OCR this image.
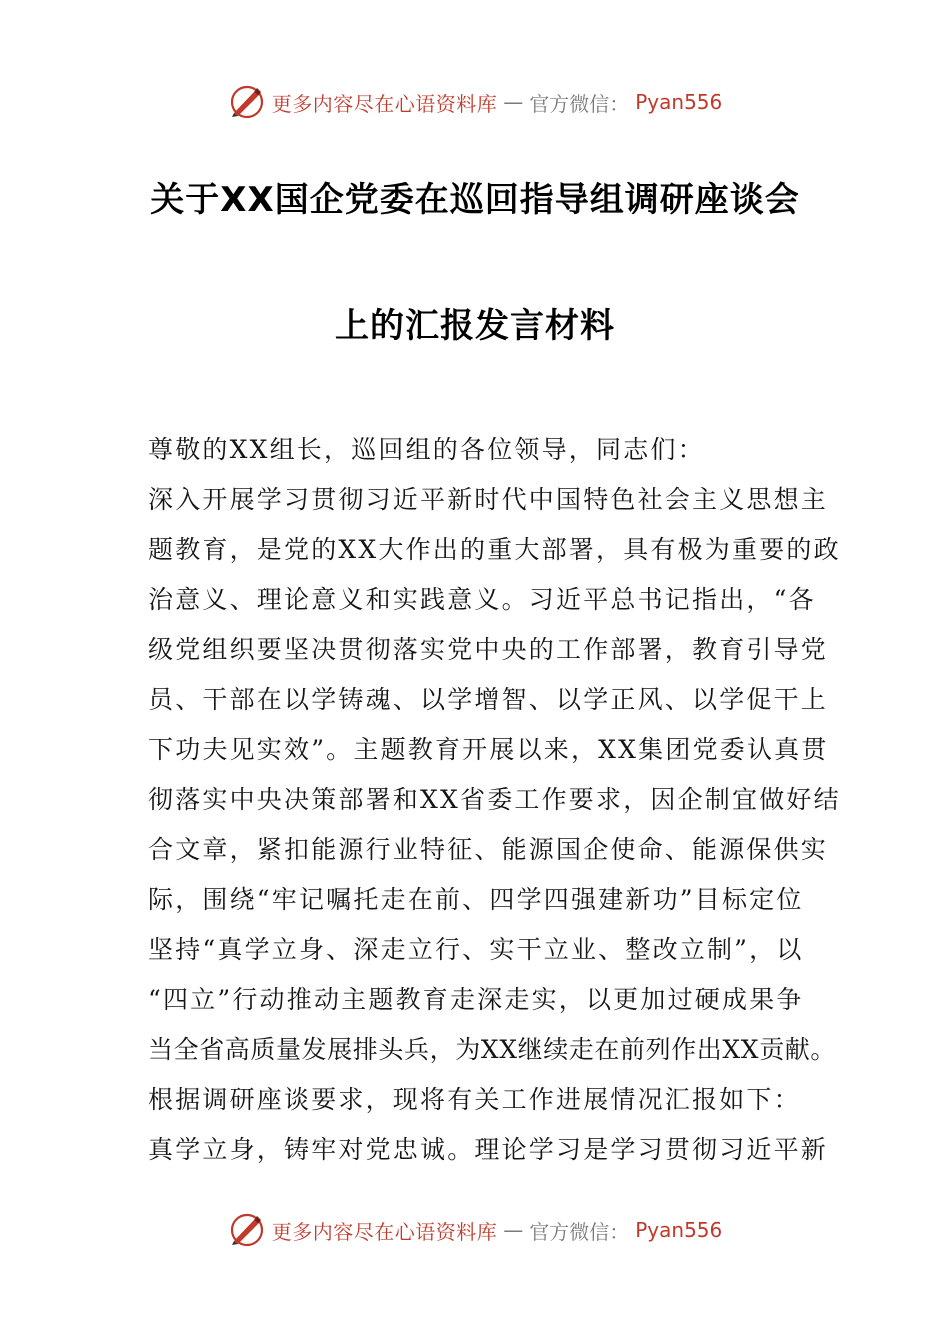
更多内容尽在心语资料库 — 官方微信： Pyan556
关于XX国企党委在巡回指导组调研座谈会
上的汇报发言材料
尊敬的XX组长，巡回组的各位领导，同志们：
深入开展学习贯彻习近平新时代中国特色社会主义思想主
题教育，是党的XX大作出的重大部署，具有极为重要的政
治意义、理论意义和实践意义。习近平总书记指出，“各
级党组织要坚决贯彻落实党中央的工作部署，教育引导党
员、干部在以学铸魂、以学增智、以学正风、以学促干上
下功夫见实效”。主题教育开展以来，XX集团党委认真贯
彻落实中央决策部署和XX省委工作要求，因企制宜做好结
合文章，紧扣能源行业特征、能源国企使命、能源保供实
际，围绕“牢记嘱托走在前、四学四强建新功”目标定位
坚持“真学立身、深走立行、实干立业、整改立制”，以
“四立”行动推动主题教育走深走实，以更加过硬成果争
当全省高质量发展排头兵，为XX继续走在前列作出XX贡献。
根据调研座谈要求，现将有关工作进展情况汇报如下：
真学立身，铸牢对党忠诚。理论学习是学习贯彻习近平新
更多内容尽在心语资料库 — 官方微信： Pyan556
